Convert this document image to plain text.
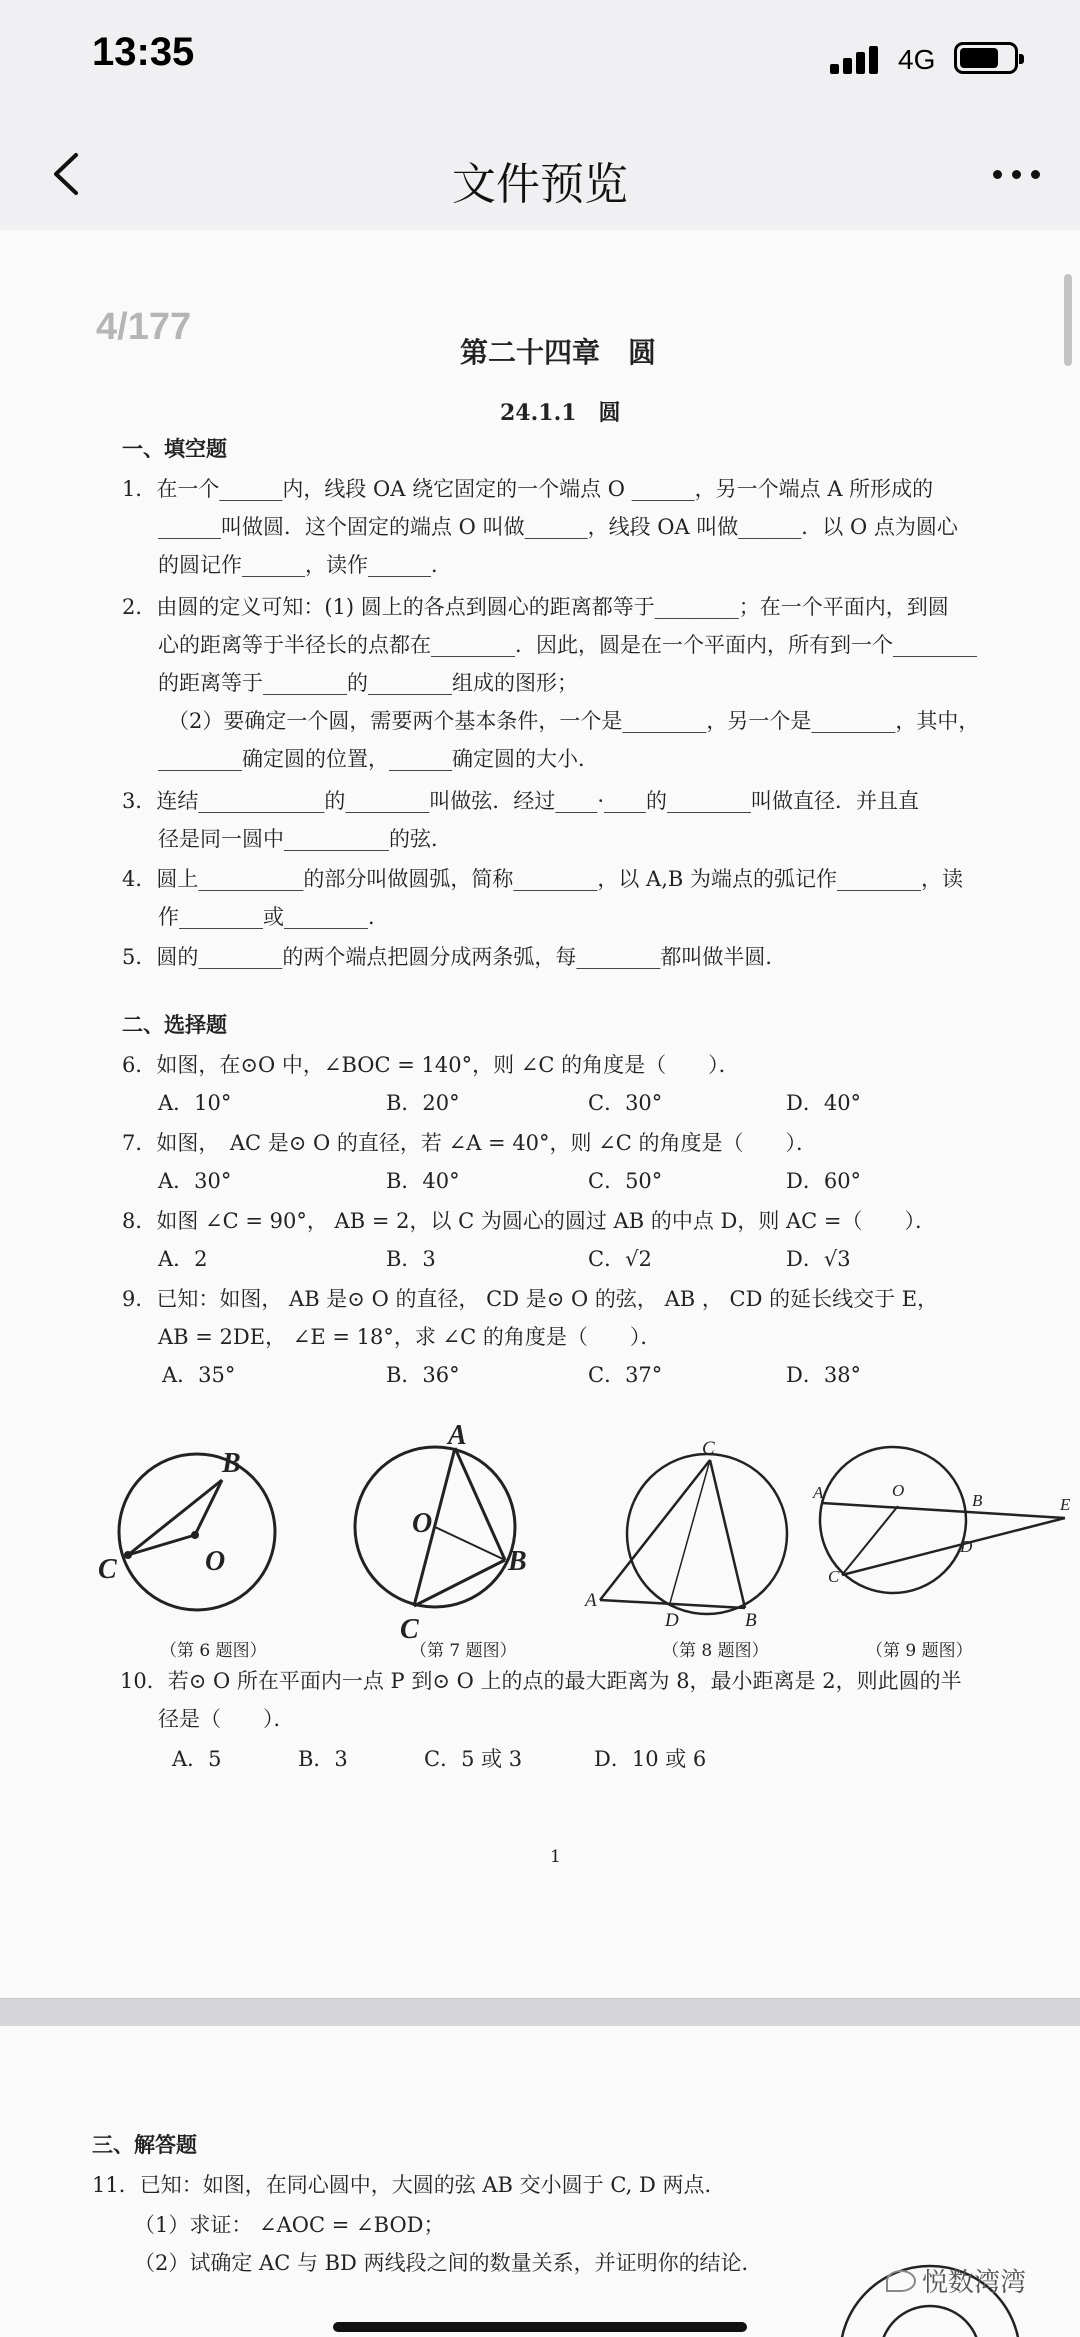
13:35	4G
文件预览
4/177
第二十四章　圆
24.1.1　圆
一、填空题
1．在一个______内，线段 OA 绕它固定的一个端点 O ______，另一个端点 A 所形成的
______叫做圆．这个固定的端点 O 叫做______，线段 OA 叫做______．以 O 点为圆心
的圆记作______，读作______．
2．由圆的定义可知：(1) 圆上的各点到圆心的距离都等于________；在一个平面内，到圆
心的距离等于半径长的点都在________．因此，圆是在一个平面内，所有到一个________
的距离等于________的________组成的图形；
（2）要确定一个圆，需要两个基本条件，一个是________，另一个是________，其中，
________确定圆的位置，______确定圆的大小．
3．连结____________的________叫做弦．经过____·____的________叫做直径．并且直
径是同一圆中__________的弦．
4．圆上__________的部分叫做圆弧，简称________，以 A,B 为端点的弧记作________，读
作________或________．
5．圆的________的两个端点把圆分成两条弧，每________都叫做半圆．
二、选择题
6．如图，在⊙O 中，∠BOC = 140°，则 ∠C 的角度是（　　）．
A．10°	B．20°	C．30°	D．40°
7．如图，　AC 是⊙ O 的直径，若 ∠A = 40°，则 ∠C 的角度是（　　）．
A．30°	B．40°	C．50°	D．60°
8．如图 ∠C = 90°， AB = 2，以 C 为圆心的圆过 AB 的中点 D，则 AC =（　　）．
A．2	B．3	C．√2	D．√3
9．已知：如图， AB 是⊙ O 的直径， CD 是⊙ O 的弦， AB ， CD 的延长线交于 E，
AB = 2DE， ∠E = 18°，求 ∠C 的角度是（　　）．
A．35°	B．36°	C．37°	D．38°
B
O
C
A
O
B
C
C
A
D	B
A	O
B	E
C
D
（第 6 题图）	（第 7 题图）	（第 8 题图）	（第 9 题图）
10．若⊙ O 所在平面内一点 P 到⊙ O 上的点的最大距离为 8，最小距离是 2，则此圆的半
径是（　　）．
A．5	B．3	C．5 或 3	D．10 或 6
1
三、解答题
11．已知：如图，在同心圆中，大圆的弦 AB 交小圆于 C, D 两点．
（1）求证： ∠AOC = ∠BOD；
（2）试确定 AC 与 BD 两线段之间的数量关系，并证明你的结论．
悦数湾湾
